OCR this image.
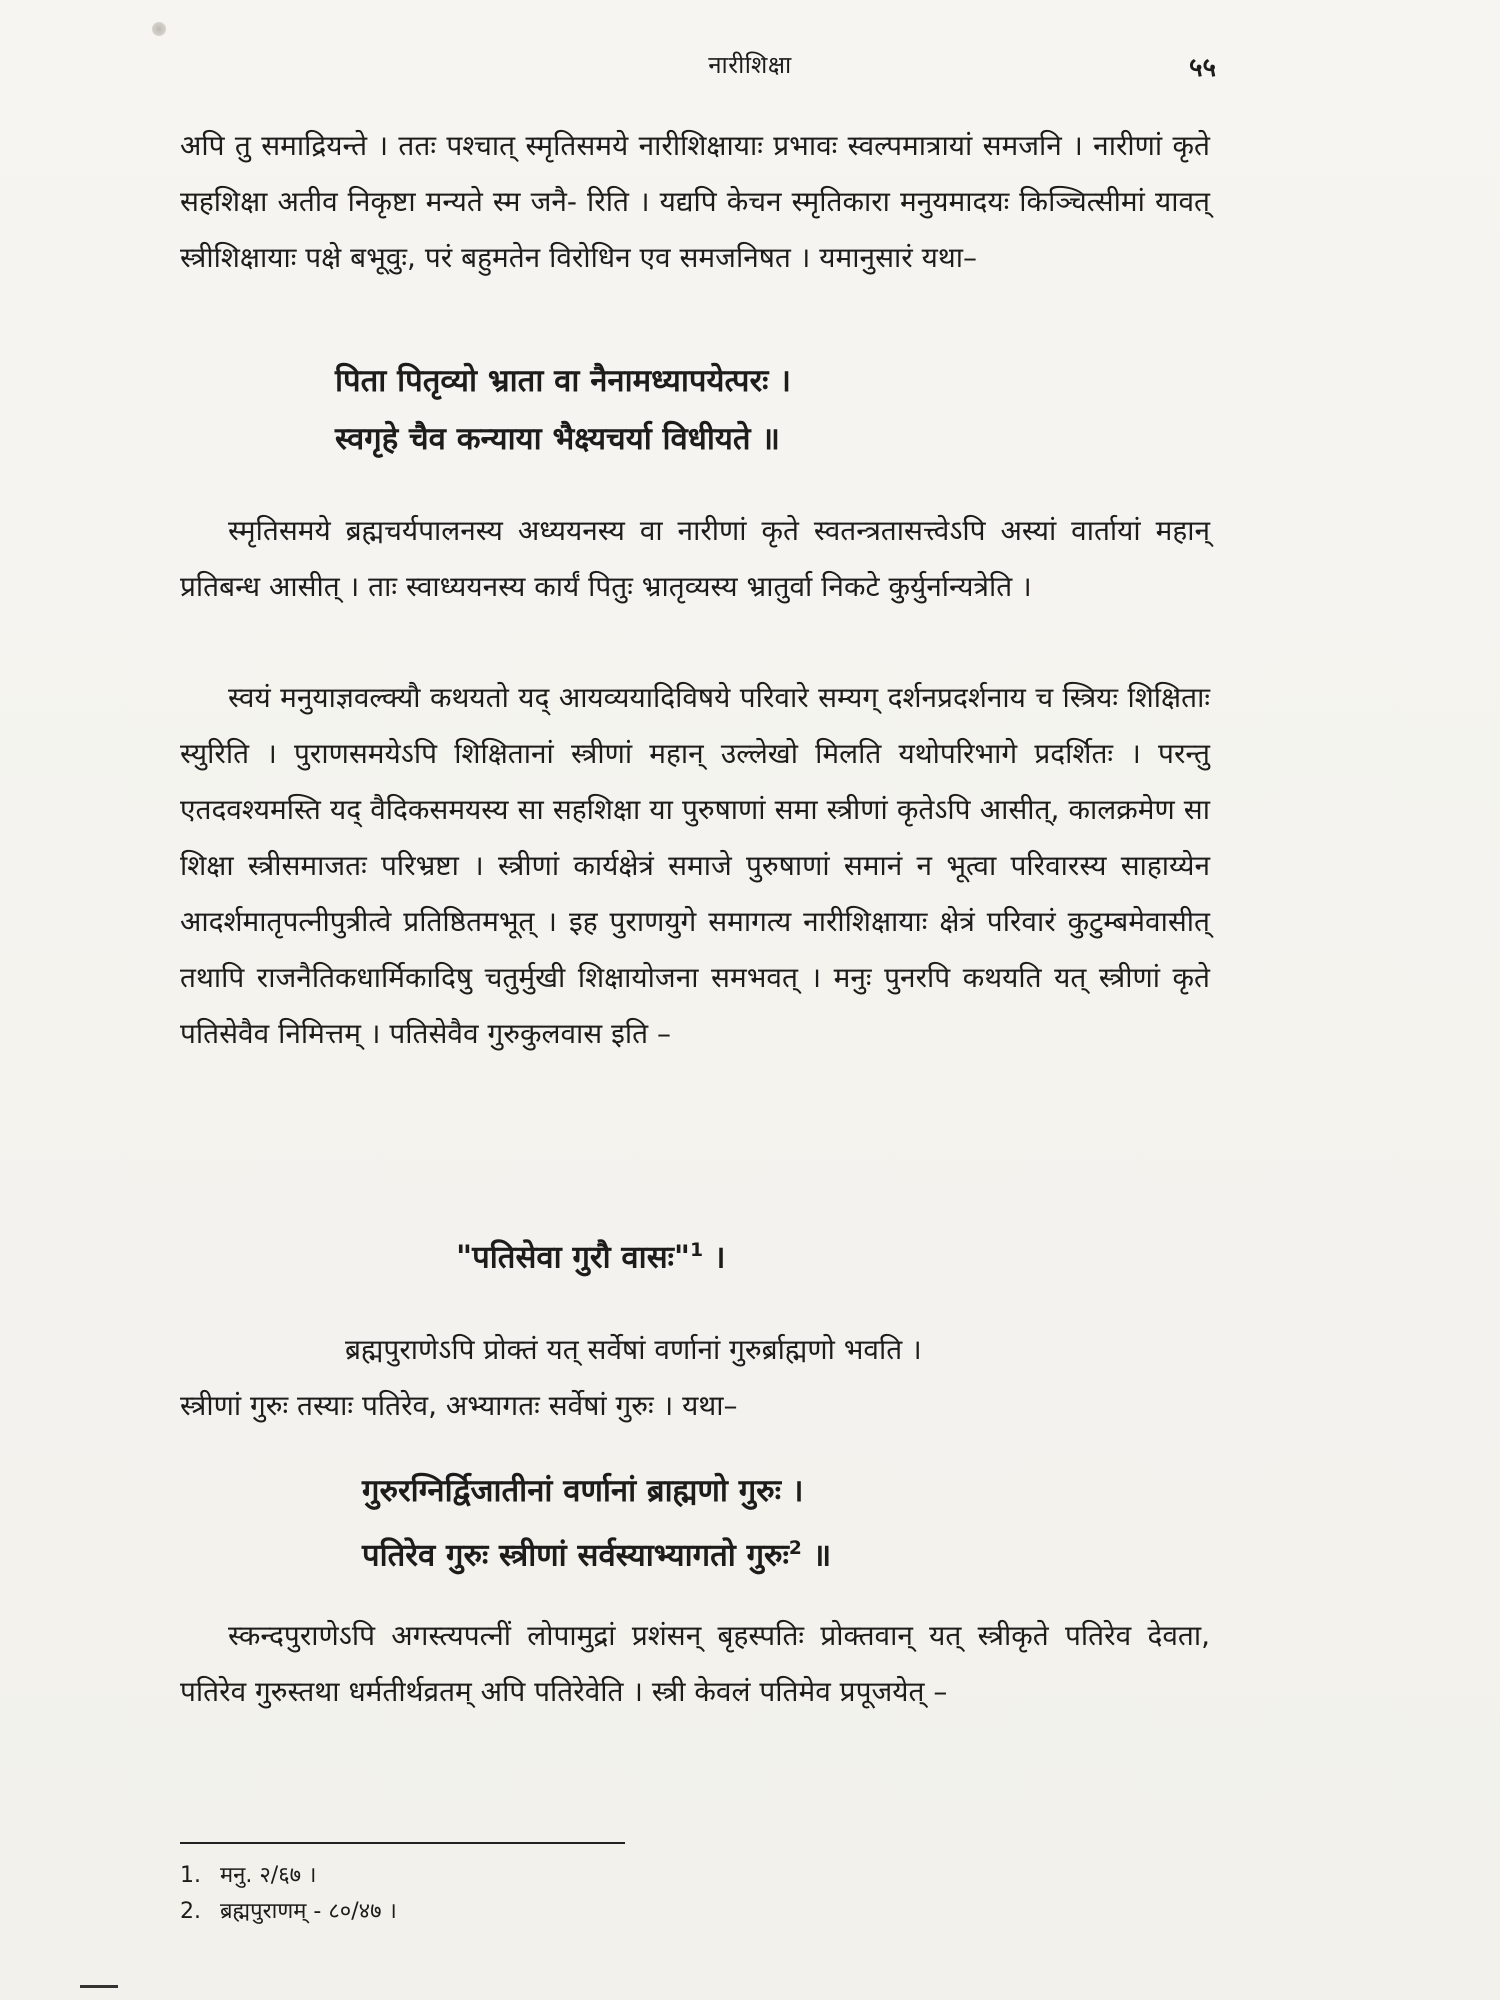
नारीशिक्षा	५५

अपि तु समाद्रियन्ते । ततः पश्चात् स्मृतिसमये नारीशिक्षायाः प्रभावः स्वल्पमात्रायां समजनि । नारीणां कृते सहशिक्षा अतीव निकृष्टा मन्यते स्म जनै- रिति । यद्यपि केचन स्मृतिकारा मनुयमादयः किञ्चित्सीमां यावत् स्त्रीशिक्षायाः पक्षे बभूवुः, परं बहुमतेन विरोधिन एव समजनिषत । यमानुसारं यथा–

पिता पितृव्यो भ्राता वा नैनामध्यापयेत्परः ।
स्वगृहे चैव कन्याया भैक्ष्यचर्या विधीयते ॥

स्मृतिसमये ब्रह्मचर्यपालनस्य अध्ययनस्य वा नारीणां कृते स्वतन्त्रतासत्त्वेऽपि अस्यां वार्तायां महान् प्रतिबन्ध आसीत् । ताः स्वाध्ययनस्य कार्यं पितुः भ्रातृव्यस्य भ्रातुर्वा निकटे कुर्युर्नान्यत्रेति ।

स्वयं मनुयाज्ञवल्क्यौ कथयतो यद् आयव्ययादिविषये परिवारे सम्यग् दर्शनप्रदर्शनाय च स्त्रियः शिक्षिताः स्युरिति । पुराणसमयेऽपि शिक्षितानां स्त्रीणां महान् उल्लेखो मिलति यथोपरिभागे प्रदर्शितः । परन्तु एतदवश्यमस्ति यद् वैदिकसमयस्य सा सहशिक्षा या पुरुषाणां समा स्त्रीणां कृतेऽपि आसीत्, कालक्रमेण सा शिक्षा स्त्रीसमाजतः परिभ्रष्टा । स्त्रीणां कार्यक्षेत्रं समाजे पुरुषाणां समानं न भूत्वा परिवारस्य साहाय्येन आदर्शमातृपत्नीपुत्रीत्वे प्रतिष्ठितमभूत् । इह पुराणयुगे समागत्य नारीशिक्षायाः क्षेत्रं परिवारं कुटुम्बमेवासीत् तथापि राजनैतिकधार्मिकादिषु चतुर्मुखी शिक्षायोजना समभवत् । मनुः पुनरपि कथयति यत् स्त्रीणां कृते पतिसेवैव निमित्तम् । पतिसेवैव गुरुकुलवास इति –

"पतिसेवा गुरौ वासः"$^1$ ।

ब्रह्मपुराणेऽपि प्रोक्तं यत् सर्वेषां वर्णानां गुरुर्ब्राह्मणो भवति ।

स्त्रीणां गुरुः तस्याः पतिरेव, अभ्यागतः सर्वेषां गुरुः । यथा–

गुरुरग्निर्द्विजातीनां वर्णानां ब्राह्मणो गुरुः ।
पतिरेव गुरुः स्त्रीणां सर्वस्याभ्यागतो गुरुः$^2$ ॥

स्कन्दपुराणेऽपि अगस्त्यपत्नीं लोपामुद्रां प्रशंसन् बृहस्पतिः प्रोक्तवान् यत् स्त्रीकृते पतिरेव देवता, पतिरेव गुरुस्तथा धर्मतीर्थव्रतम् अपि पतिरेवेति । स्त्री केवलं पतिमेव प्रपूजयेत् –

1. मनु. २/६७ ।
2. ब्रह्मपुराणम् - ८०/४७ ।
